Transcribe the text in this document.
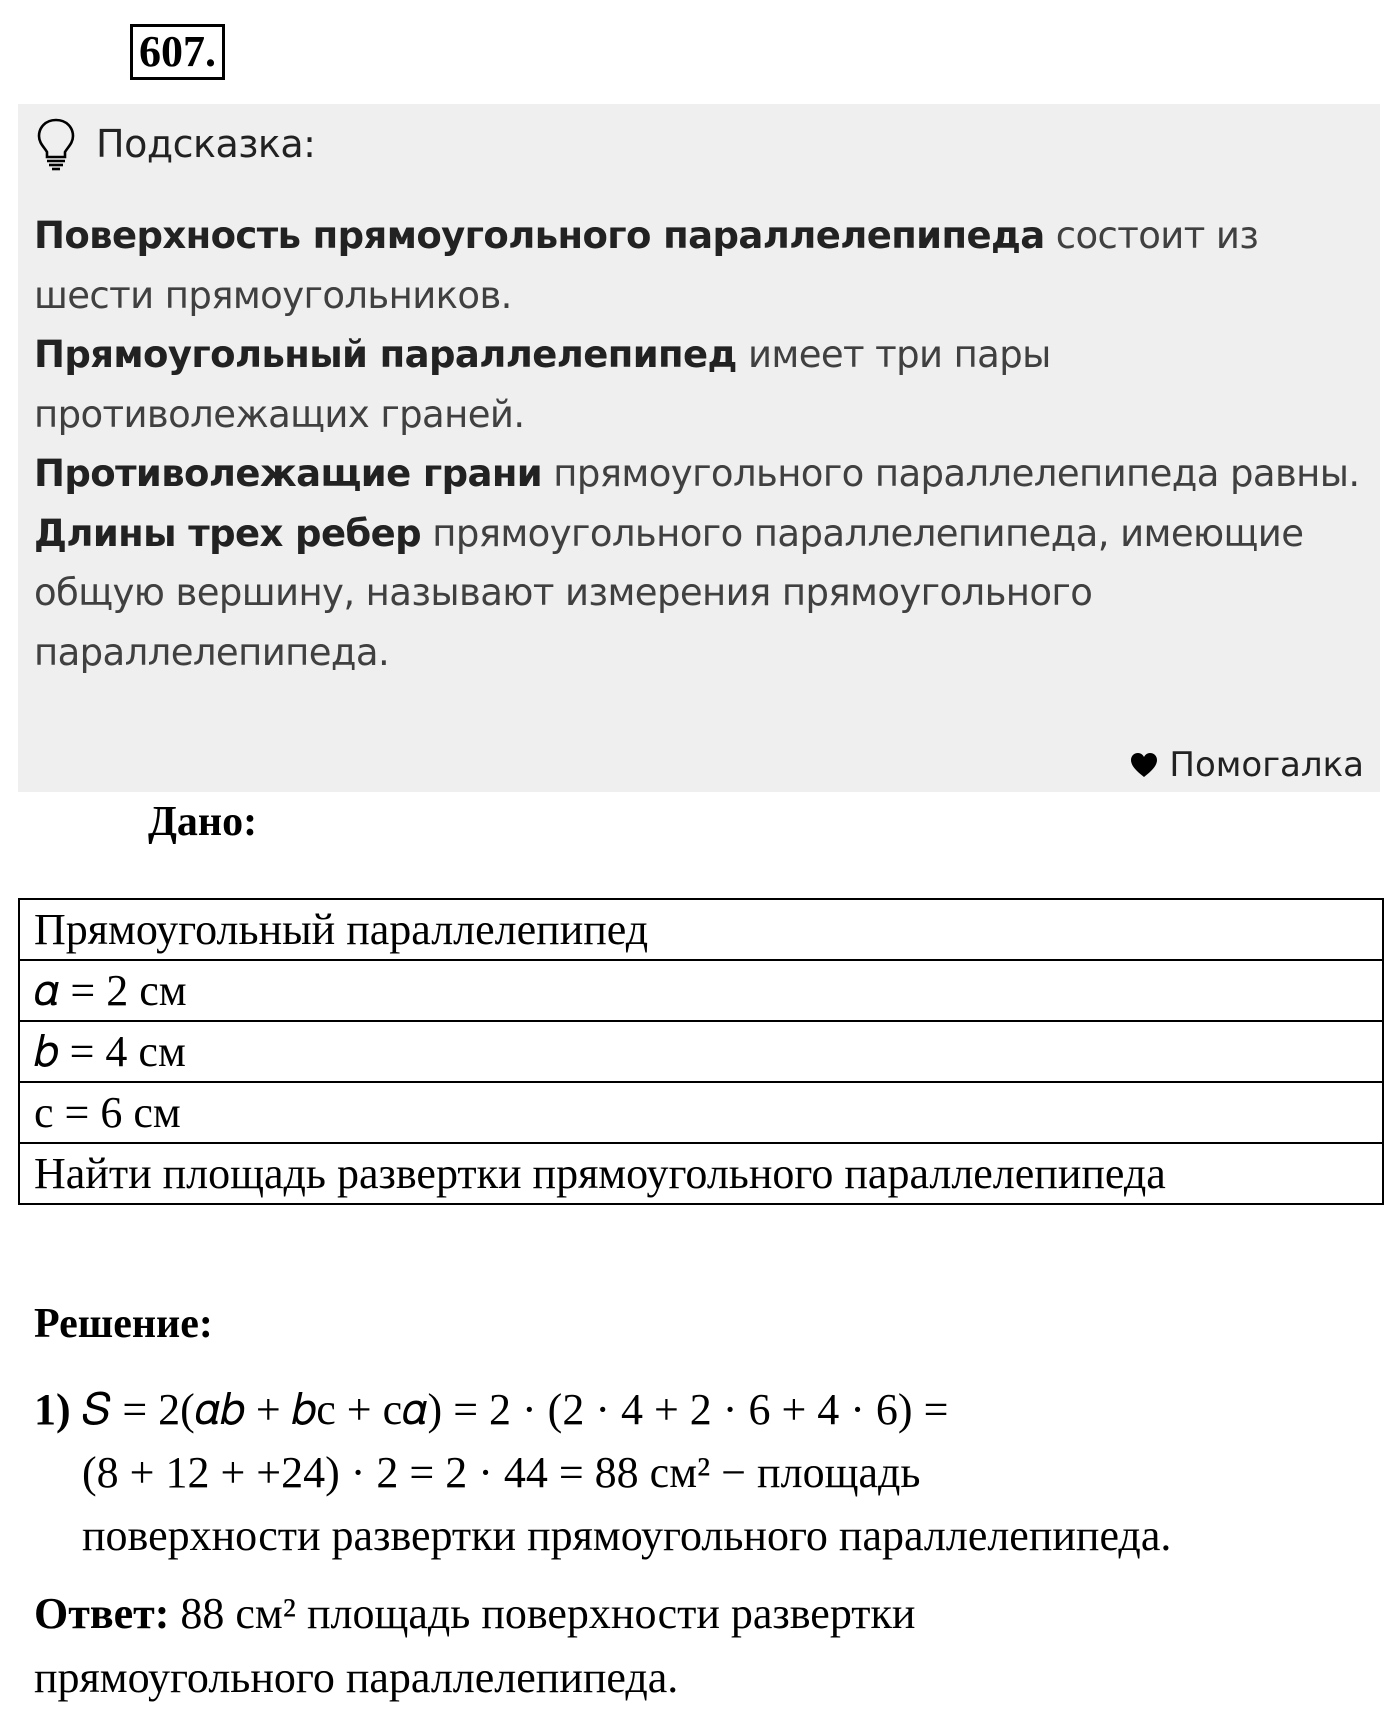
607.
Подсказка:

Поверхность прямоугольного параллелепипеда состоит из шести прямоугольников.

Прямоугольный параллелепипед имеет три пары противолежащих граней.

Противолежащие грани прямоугольного параллелепипеда равны.

Длины трех ребер прямоугольного параллелепипеда, имеющие общую вершину, называют измерения прямоугольного параллелепипеда.

Помогалка
Дано:
Прямоугольный параллелепипед
𝛼 = 2 см
𝑏 = 4 см
с = 6 см
Найти площадь развертки прямоугольного параллелепипеда
Решение:
1) 𝑆 = 2(𝛼𝑏 + 𝑏с + с𝛼) = 2 · (2 · 4 + 2 · 6 + 4 · 6) =
(8 + 12 + +24) · 2 = 2 · 44 = 88 см² − площадь
поверхности развертки прямоугольного параллелепипеда.
Ответ: 88 см² площадь поверхности развертки
прямоугольного параллелепипеда.
